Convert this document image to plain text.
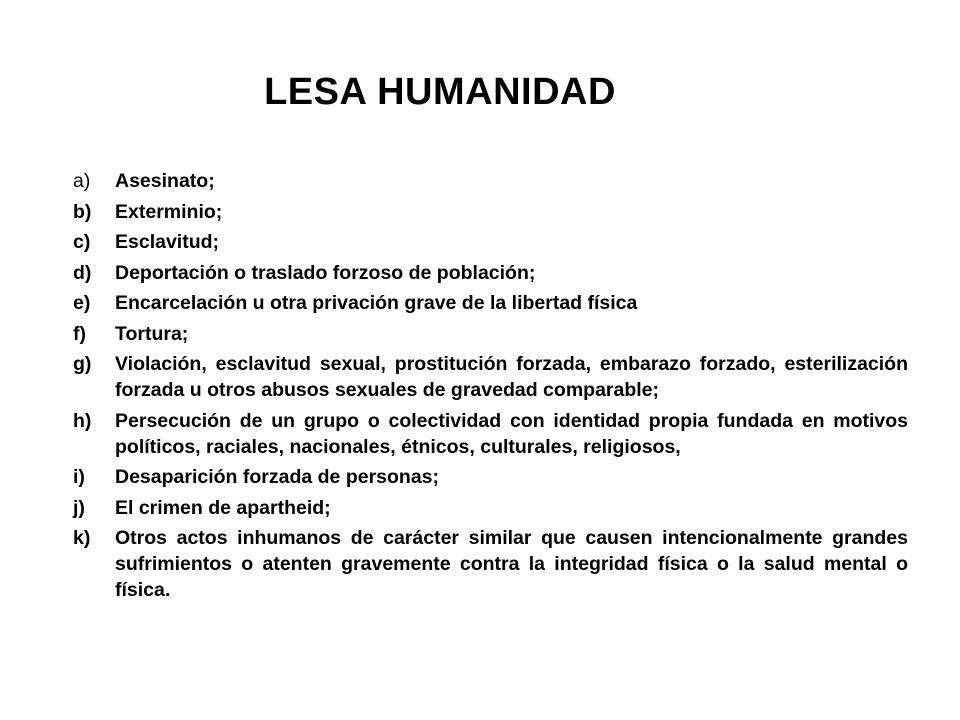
LESA HUMANIDAD
a)	Asesinato;
b)	Exterminio;
c)	Esclavitud;
d)	Deportación o traslado forzoso de población;
e)	Encarcelación u otra privación grave de la libertad física
f)	Tortura;
g)	Violación, esclavitud sexual, prostitución forzada, embarazo forzado, esterilización forzada u otros abusos sexuales de gravedad comparable;
h)	Persecución de un grupo o colectividad con identidad propia fundada en motivos políticos, raciales, nacionales, étnicos, culturales, religiosos,
i)	Desaparición forzada de personas;
j)	El crimen de apartheid;
k)	Otros actos inhumanos de carácter similar que causen intencionalmente grandes sufrimientos o atenten gravemente contra la integridad física o la salud mental o física.
